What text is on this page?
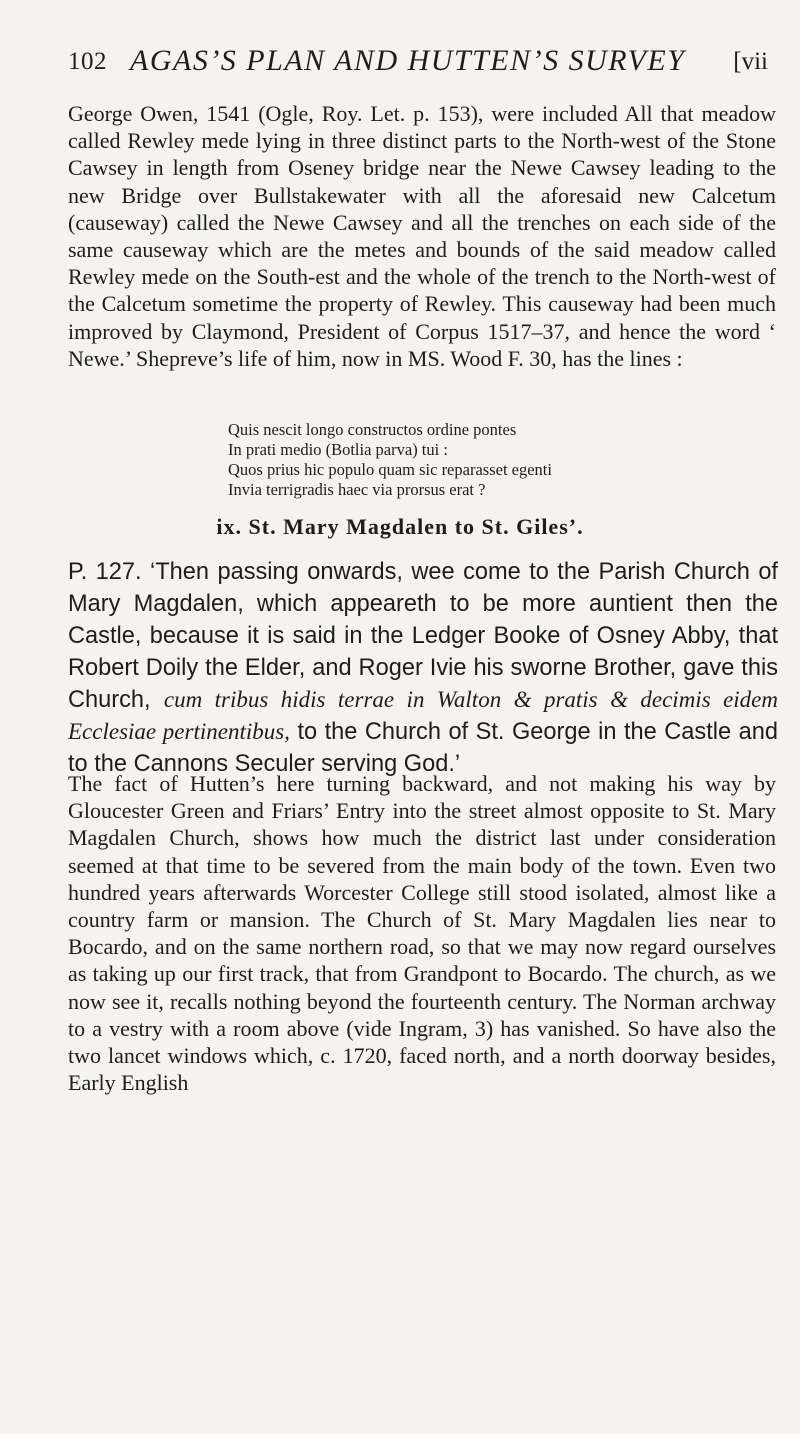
102 AGAS’S PLAN AND HUTTEN’S SURVEY	[vii

George Owen, 1541 (Ogle, Roy. Let. p. 153), were included All that meadow called Rewley mede lying in three distinct parts to the North-west of the Stone Cawsey in length from Oseney bridge near the Newe Cawsey leading to the new Bridge over Bullstakewater with all the aforesaid new Calcetum (causeway) called the Newe Cawsey and all the trenches on each side of the same causeway which are the metes and bounds of the said meadow called Rewley mede on the South-est and the whole of the trench to the North-west of the Calcetum sometime the property of Rewley. This causeway had been much improved by Claymond, President of Corpus 1517–37, and hence the word ‘ Newe.’ Shepreve’s life of him, now in MS. Wood F. 30, has the lines :

Quis nescit longo constructos ordine pontes
In prati medio (Botlia parva) tui :
Quos prius hic populo quam sic reparasset egenti
Invia terrigradis haec via prorsus erat ?
ix. St. Mary Magdalen to St. Giles’.

P. 127. ‘Then passing onwards, wee come to the Parish Church of Mary Magdalen, which appeareth to be more auntient then the Castle, because it is said in the Ledger Booke of Osney Abby, that Robert Doily the Elder, and Roger Ivie his sworne Brother, gave this Church, cum tribus hidis terrae in Walton & pratis & decimis eidem Ecclesiae pertinentibus, to the Church of St. George in the Castle and to the Cannons Seculer serving God.’

The fact of Hutten’s here turning backward, and not making his way by Gloucester Green and Friars’ Entry into the street almost opposite to St. Mary Magdalen Church, shows how much the district last under consideration seemed at that time to be severed from the main body of the town. Even two hundred years afterwards Worcester College still stood isolated, almost like a country farm or mansion. The Church of St. Mary Magdalen lies near to Bocardo, and on the same northern road, so that we may now regard ourselves as taking up our first track, that from Grandpont to Bocardo. The church, as we now see it, recalls nothing beyond the fourteenth century. The Norman archway to a vestry with a room above (vide Ingram, 3) has vanished. So have also the two lancet windows which, c. 1720, faced north, and a north doorway besides, Early English
